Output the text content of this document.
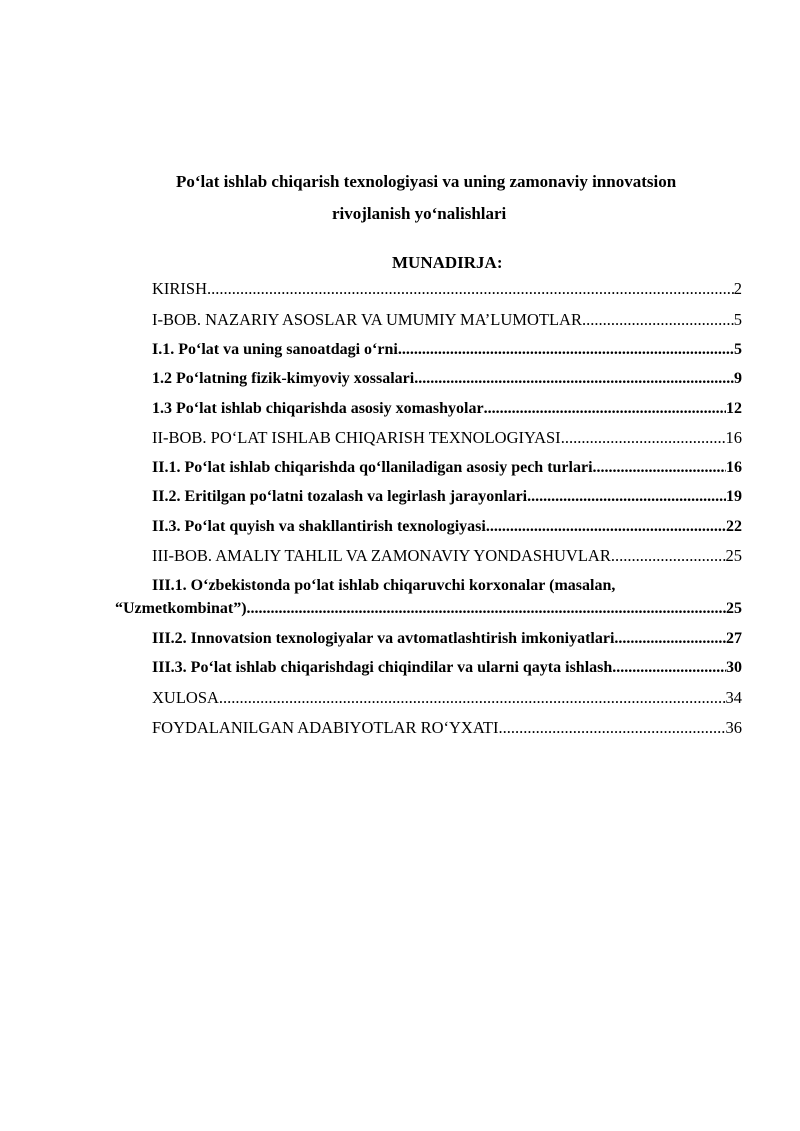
Po‘lat ishlab chiqarish texnologiyasi va uning zamonaviy innovatsion
rivojlanish yo‘nalishlari
MUNADIRJA:
KIRISH .....	2
I-BOB. NAZARIY ASOSLAR VA UMUMIY MA’LUMOTLAR .....	5
I.1. Po‘lat va uning sanoatdagi o‘rni .....	5
1.2 Po‘latning fizik-kimyoviy xossalari .....	9
1.3 Po‘lat ishlab chiqarishda asosiy xomashyolar .....	12
II-BOB. PO‘LAT ISHLAB CHIQARISH TEXNOLOGIYASI .....	16
II.1. Po‘lat ishlab chiqarishda qo‘llaniladigan asosiy pech turlari .....	16
II.2. Eritilgan po‘latni tozalash va legirlash jarayonlari .....	19
II.3. Po‘lat quyish va shakllantirish texnologiyasi .....	22
III-BOB. AMALIY TAHLIL VA ZAMONAVIY YONDASHUVLAR .....	25
III.1. O‘zbekistonda po‘lat ishlab chiqaruvchi korxonalar (masalan,
“Uzmetkombinat”) .....	25
III.2. Innovatsion texnologiyalar va avtomatlashtirish imkoniyatlari .....	27
III.3. Po‘lat ishlab chiqarishdagi chiqindilar va ularni qayta ishlash .....	30
XULOSA .....	34
FOYDALANILGAN ADABIYOTLAR RO‘YXATI .....	36
